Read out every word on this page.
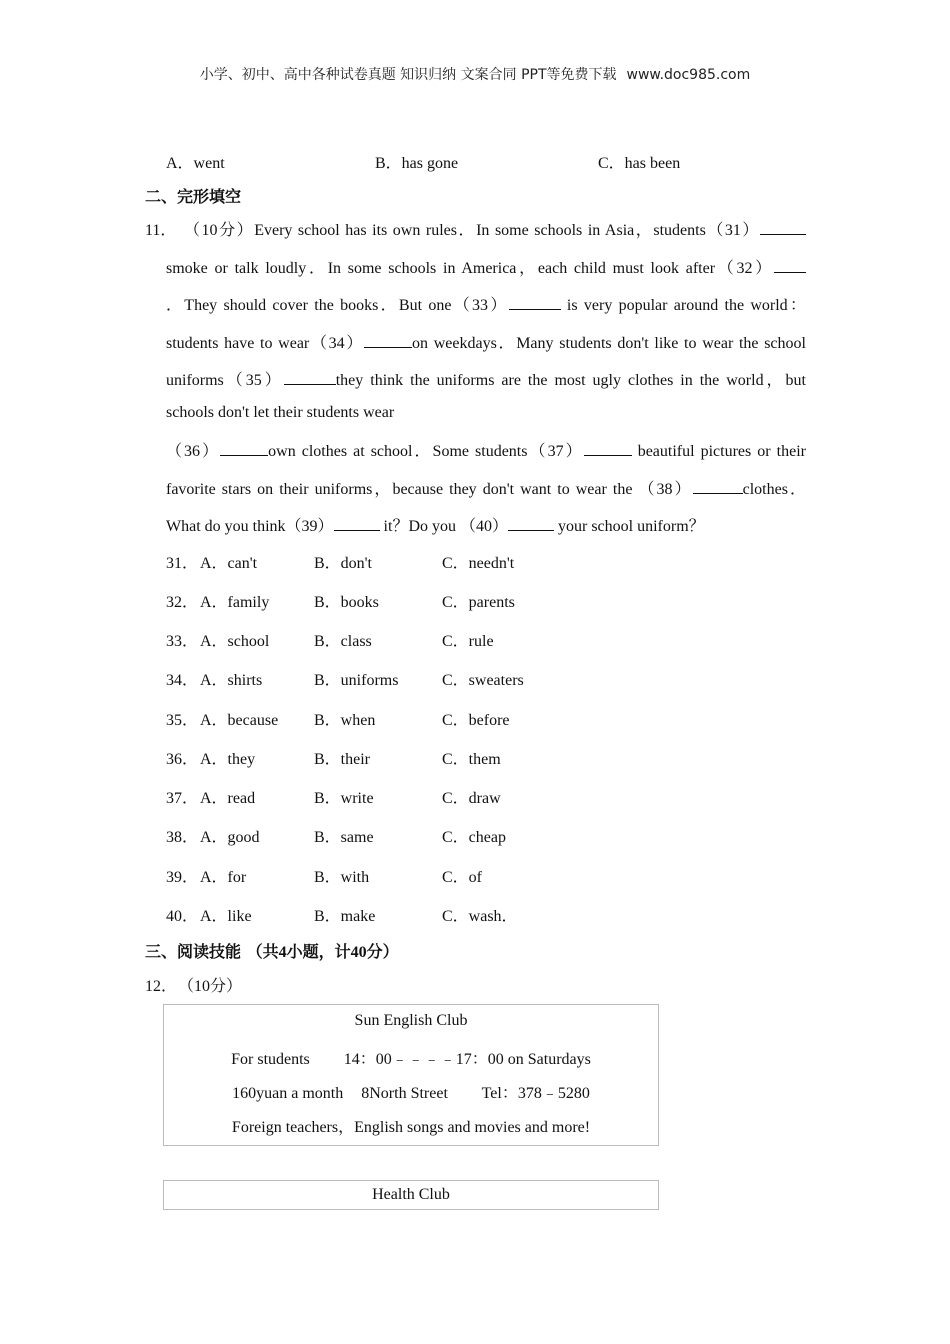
小学、初中、高中各种试卷真题 知识归纳 文案合同 PPT等免费下载 www.doc985.com
A．went	B．has gone	C．has been
二、完形填空
11． （10分）Every school has its own rules．In some schools in Asia，students（31）
smoke or talk loudly．In some schools in America，each child must look after（32）
．They should cover the books．But one（33）	is very popular around the world：
students have to wear（34）	on weekdays．Many students don't like to wear the school
uniforms（35）	they think the uniforms are the most ugly clothes in the world，but
schools don't let their students wear
（36）	own clothes at school．Some students（37）	beautiful pictures or their
favorite stars on their uniforms，because they don't want to wear the （38）	clothes．
What do you think（39）	it？Do you （40）	your school uniform？
31． A．can't	B．don't	C．needn't
32． A．family	B．books	C．parents
33． A．school	B．class	C．rule
34． A．shirts	B．uniforms	C．sweaters
35． A．because B．when	C．before
36． A．they	B．their	C．them
37． A．read	B．write	C．draw
38． A．good	B．same	C．cheap
39． A．for	B．with	C．of
40． A．like	B．make	C．wash．
三、阅读技能 （共4小题，计40分）
12． （10分）
Sun English Club
For students 14：00﹣﹣﹣﹣17：00 on Saturdays
160yuan a month 8North Street Tel：378﹣5280
Foreign teachers，English songs and movies and more!
Health Club
